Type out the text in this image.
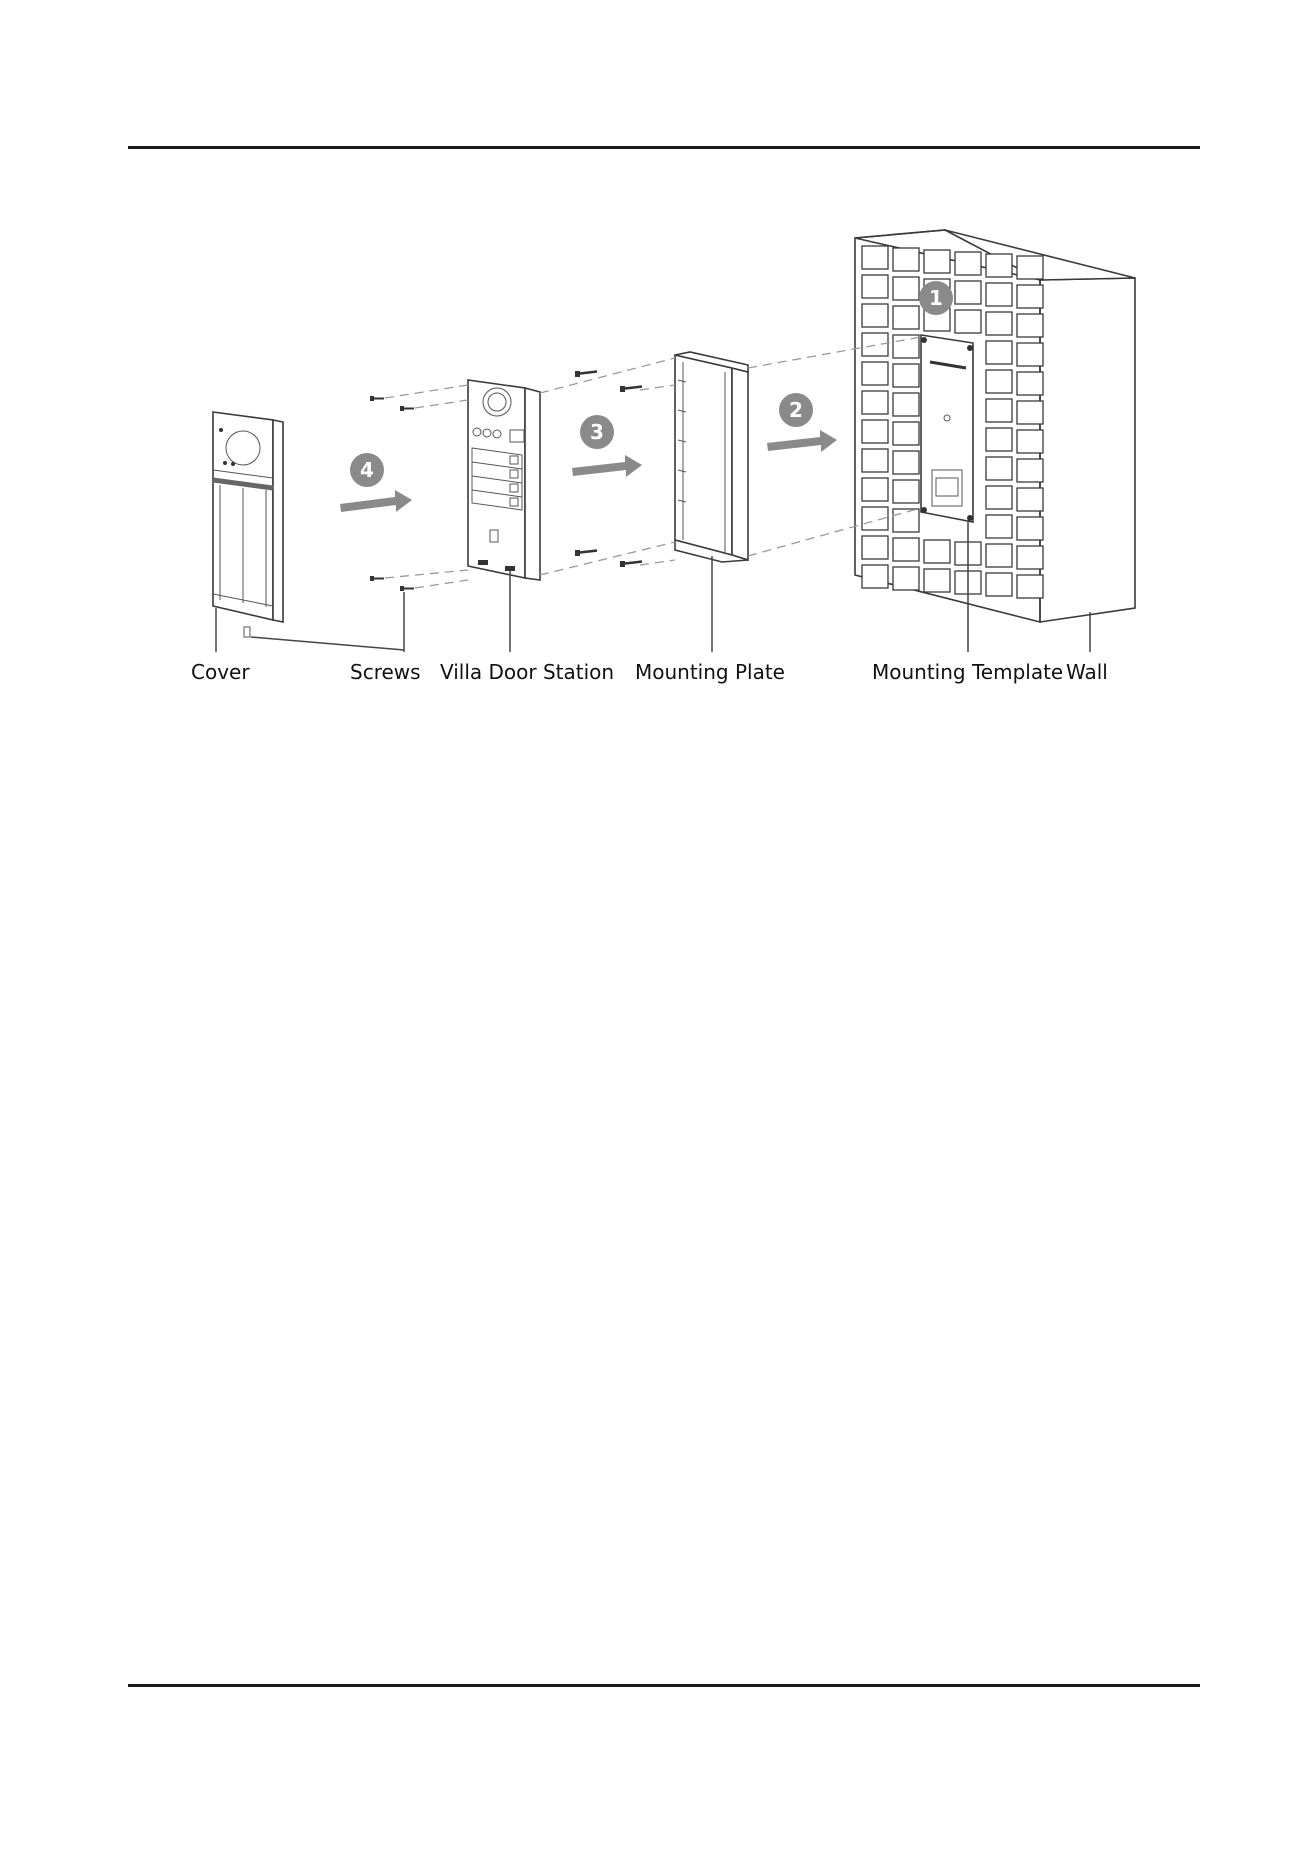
1
2
3
4
Cover	Screws Villa Door Station Mounting Plate	Mounting Template Wall
